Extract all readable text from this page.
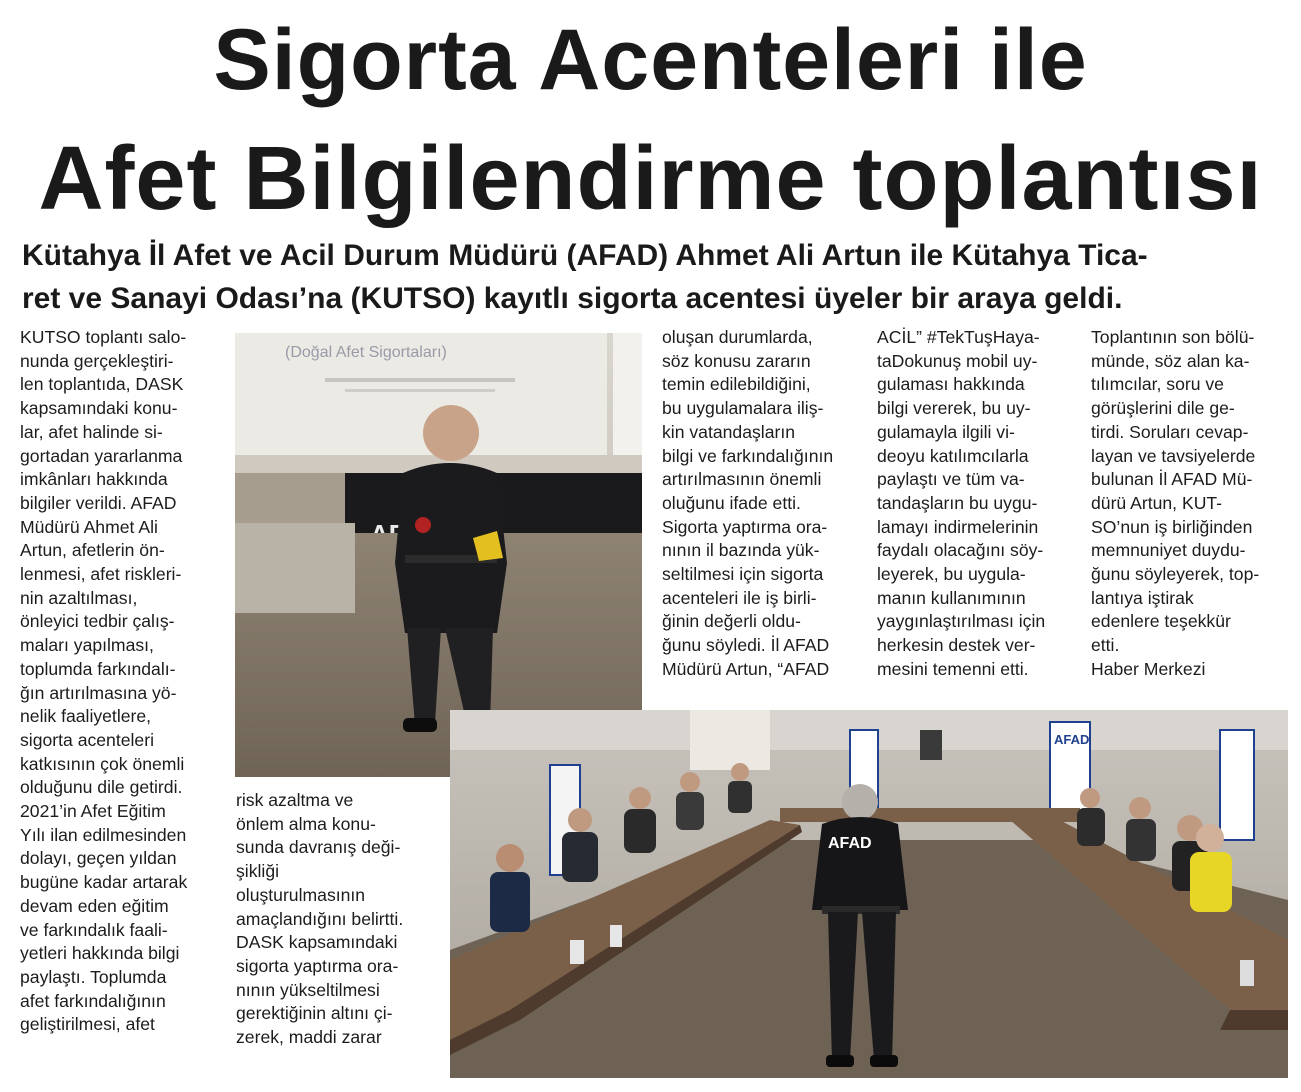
Sigorta Acenteleri ile
Afet Bilgilendirme toplantısı

Kütahya İl Afet ve Acil Durum Müdürü (AFAD) Ahmet Ali Artun ile Kütahya Tica-

ret ve Sanayi Odası’na (KUTSO) kayıtlı sigorta acentesi üyeler bir araya geldi.

KUTSO toplantı salo-
nunda gerçekleştiri-
len toplantıda, DASK
kapsamındaki konu-
lar, afet halinde si-
gortadan yararlanma
imkânları hakkında
bilgiler verildi. AFAD
Müdürü Ahmet Ali
Artun, afetlerin ön-
lenmesi, afet riskleri-
nin azaltılması,
önleyici tedbir çalış-
maları yapılması,
toplumda farkındalı-
ğın artırılmasına yö-
nelik faaliyetlere,
sigorta acenteleri
katkısının çok önemli
olduğunu dile getirdi.
2021’in Afet Eğitim
Yılı ilan edilmesinden
dolayı, geçen yıldan
bugüne kadar artarak
devam eden eğitim
ve farkındalık faali-
yetleri hakkında bilgi
paylaştı. Toplumda
afet farkındalığının
geliştirilmesi, afet
risk azaltma ve
önlem alma konu-
sunda davranış deği-
şikliği
oluşturulmasının
amaçlandığını belirtti.
DASK kapsamındaki
sigorta yaptırma ora-
nının yükseltilmesi
gerektiğinin altını çi-
zerek, maddi zarar
oluşan durumlarda,
söz konusu zararın
temin edilebildiğini,
bu uygulamalara iliş-
kin vatandaşların
bilgi ve farkındalığının
artırılmasının önemli
oluğunu ifade etti.
Sigorta yaptırma ora-
nının il bazında yük-
seltilmesi için sigorta
acenteleri ile iş birli-
ğinin değerli oldu-
ğunu söyledi. İl AFAD
Müdürü Artun, “AFAD
ACİL” #TekTuşHaya-
taDokunuş mobil uy-
gulaması hakkında
bilgi vererek, bu uy-
gulamayla ilgili vi-
deoyu katılımcılarla
paylaştı ve tüm va-
tandaşların bu uygu-
lamayı indirmelerinin
faydalı olacağını söy-
leyerek, bu uygula-
manın kullanımının
yaygınlaştırılması için
herkesin destek ver-
mesini temenni etti.
Toplantının son bölü-
münde, söz alan ka-
tılımcılar, soru ve
görüşlerini dile ge-
tirdi. Soruları cevap-
layan ve tavsiyelerde
bulunan İl AFAD Mü-
dürü Artun, KUT-
SO’nun iş birliğinden
memnuniyet duydu-
ğunu söyleyerek, top-
lantıya iştirak
edenlere teşekkür
etti.
Haber Merkezi
(Doğal Afet Sigortaları)
AFAD
AFAD
